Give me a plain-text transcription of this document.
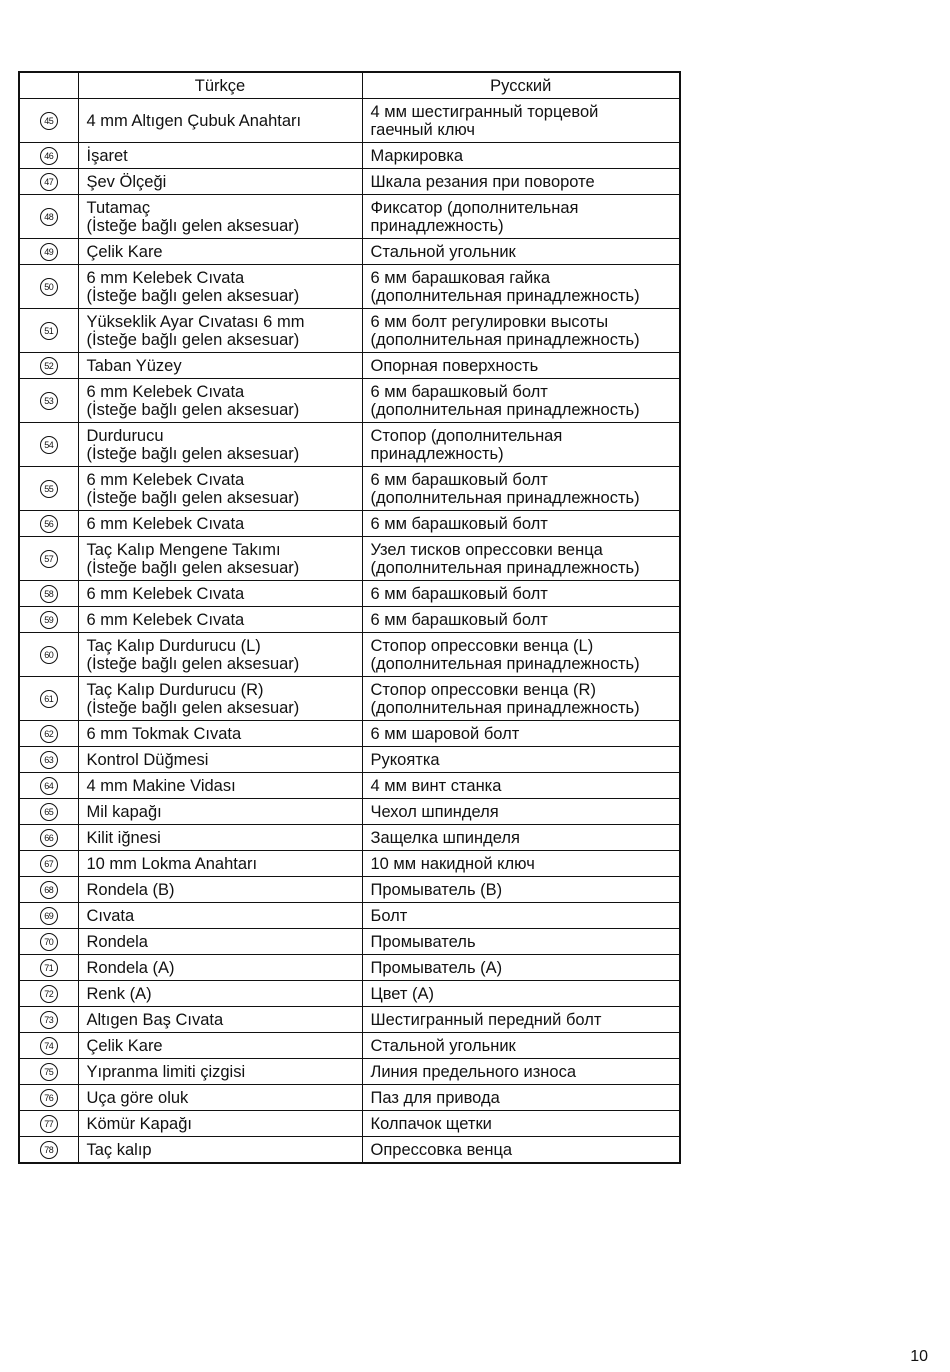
	Türkçe	Русский
45	4 mm Altıgen Çubuk Anahtarı	4 мм шестигранный торцевой
гаечный ключ

46	İşaret	Маркировка

47	Şev Ölçeği	Шкала резания при повороте

48	Tutamaç
(İsteğe bağlı gelen aksesuar)	Фиксатор (дополнительная
принадлежность)

49	Çelik Kare	Стальной угольник

50	6 mm Kelebek Cıvata
(İsteğe bağlı gelen aksesuar)	6 мм барашковая гайка
(дополнительная принадлежность)

51	Yükseklik Ayar Cıvatası 6 mm
(İsteğe bağlı gelen aksesuar)	6 мм болт регулировки высоты
(дополнительная принадлежность)

52	Taban Yüzey	Опорная поверхность

53	6 mm Kelebek Cıvata
(İsteğe bağlı gelen aksesuar)	6 мм барашковый болт
(дополнительная принадлежность)

54	Durdurucu
(İsteğe bağlı gelen aksesuar)	Стопор (дополнительная
принадлежность)

55	6 mm Kelebek Cıvata
(İsteğe bağlı gelen aksesuar)	6 мм барашковый болт
(дополнительная принадлежность)

56	6 mm Kelebek Cıvata	6 мм барашковый болт

57	Taç Kalıp Mengene Takımı
(İsteğe bağlı gelen aksesuar)	Узел тисков опрессовки венца
(дополнительная принадлежность)

58	6 mm Kelebek Cıvata	6 мм барашковый болт

59	6 mm Kelebek Cıvata	6 мм барашковый болт

60	Taç Kalıp Durdurucu (L)
(İsteğe bağlı gelen aksesuar)	Стопор опрессовки венца (L)
(дополнительная принадлежность)

61	Taç Kalıp Durdurucu (R)
(İsteğe bağlı gelen aksesuar)	Стопор опрессовки венца (R)
(дополнительная принадлежность)

62	6 mm Tokmak Cıvata	6 мм шаровой болт

63	Kontrol Düğmesi	Рукоятка

64	4 mm Makine Vidası	4 мм винт станка

65	Mil kapağı	Чехол шпинделя

66	Kilit iğnesi	Защелка шпинделя

67	10 mm Lokma Anahtarı	10 мм накидной ключ

68	Rondela (B)	Промыватель (B)

69	Cıvata	Болт

70	Rondela	Промыватель

71	Rondela (A)	Промыватель (A)

72	Renk (A)	Цвет (A)

73	Altıgen Baş Cıvata	Шестигранный передний болт

74	Çelik Kare	Стальной угольник

75	Yıpranma limiti çizgisi	Линия предельного износа

76	Uça göre oluk	Паз для привода

77	Kömür Kapağı	Колпачок щетки

78	Taç kalıp	Опрессовка венца
10
